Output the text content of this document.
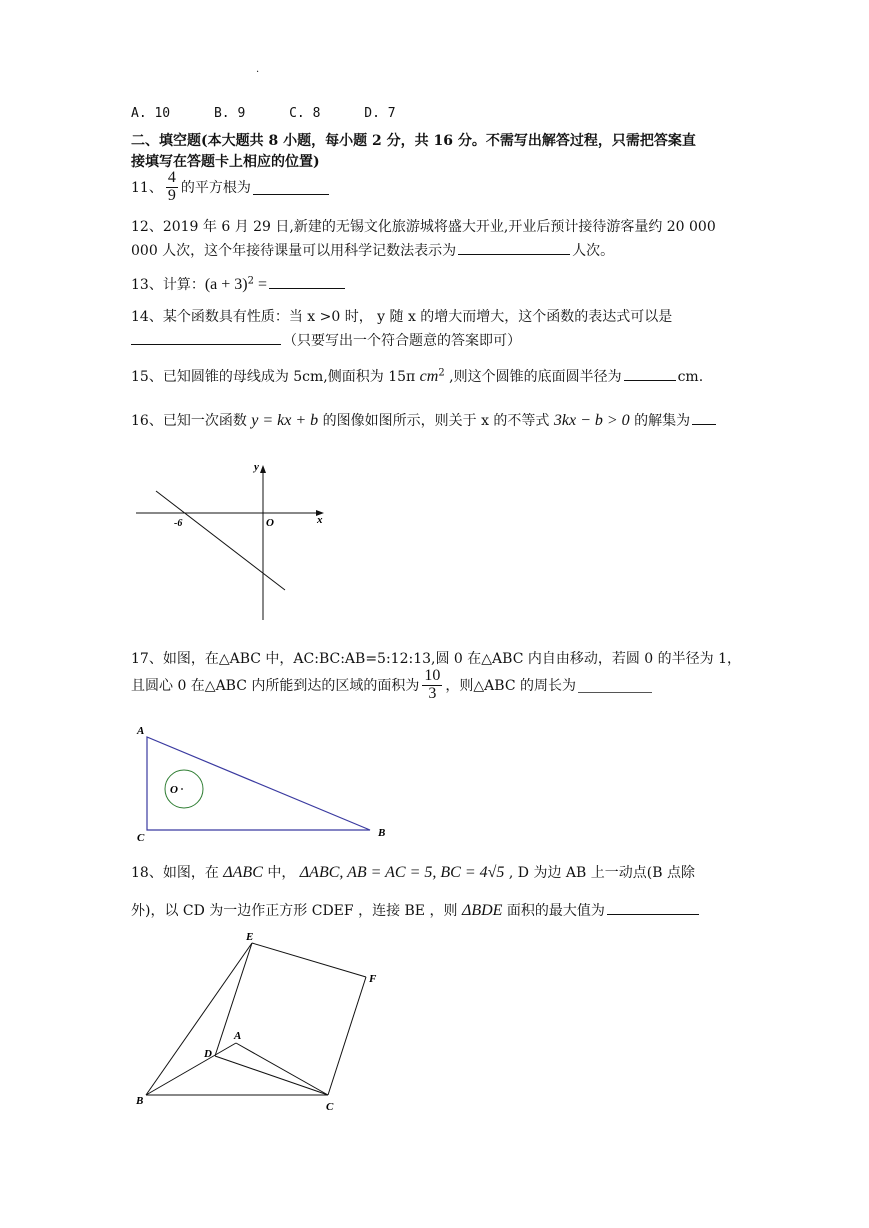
.
A. 10	B. 9	C. 8	D. 7
二、填空题(本大题共 8 小题，每小题 2 分，共 16 分。不需写出解答过程，只需把答案直
接填写在答题卡上相应的位置)
11、 $\frac{4}{9}$ 的平方根为
12、2019 年 6 月 29 日,新建的无锡文化旅游城将盛大开业,开业后预计接待游客量约 20 000
000 人次，这个年接待课量可以用科学记数法表示为	人次。
13、计算：$(a + 3)^2$ =
14、某个函数具有性质：当 x >0 时， y 随 x 的增大而增大，这个函数的表达式可以是
（只要写出一个符合题意的答案即可）
15、已知圆锥的母线成为 5cm,侧面积为 15π $cm^2$ ,则这个圆锥的底面圆半径为	cm.
16、已知一次函数 y = kx + b 的图像如图所示，则关于 x 的不等式 3kx − b > 0 的解集为
y
x
O
-6
17、如图，在△ABC 中，AC:BC:AB=5:12:13,圆 0 在△ABC 内自由移动，若圆 0 的半径为 1，
且圆心 0 在△ABC 内所能到达的区域的面积为 $\frac{10}{3}$ ，则△ABC 的周长为
A
C	B
O
18、如图，在 ΔABC 中， ΔABC, AB = AC = 5, BC = 4√5 , D 为边 AB 上一动点(B 点除
外)，以 CD 为一边作正方形 CDEF ，连接 BE ，则 ΔBDE 面积的最大值为
E
F
A
D
B	C
